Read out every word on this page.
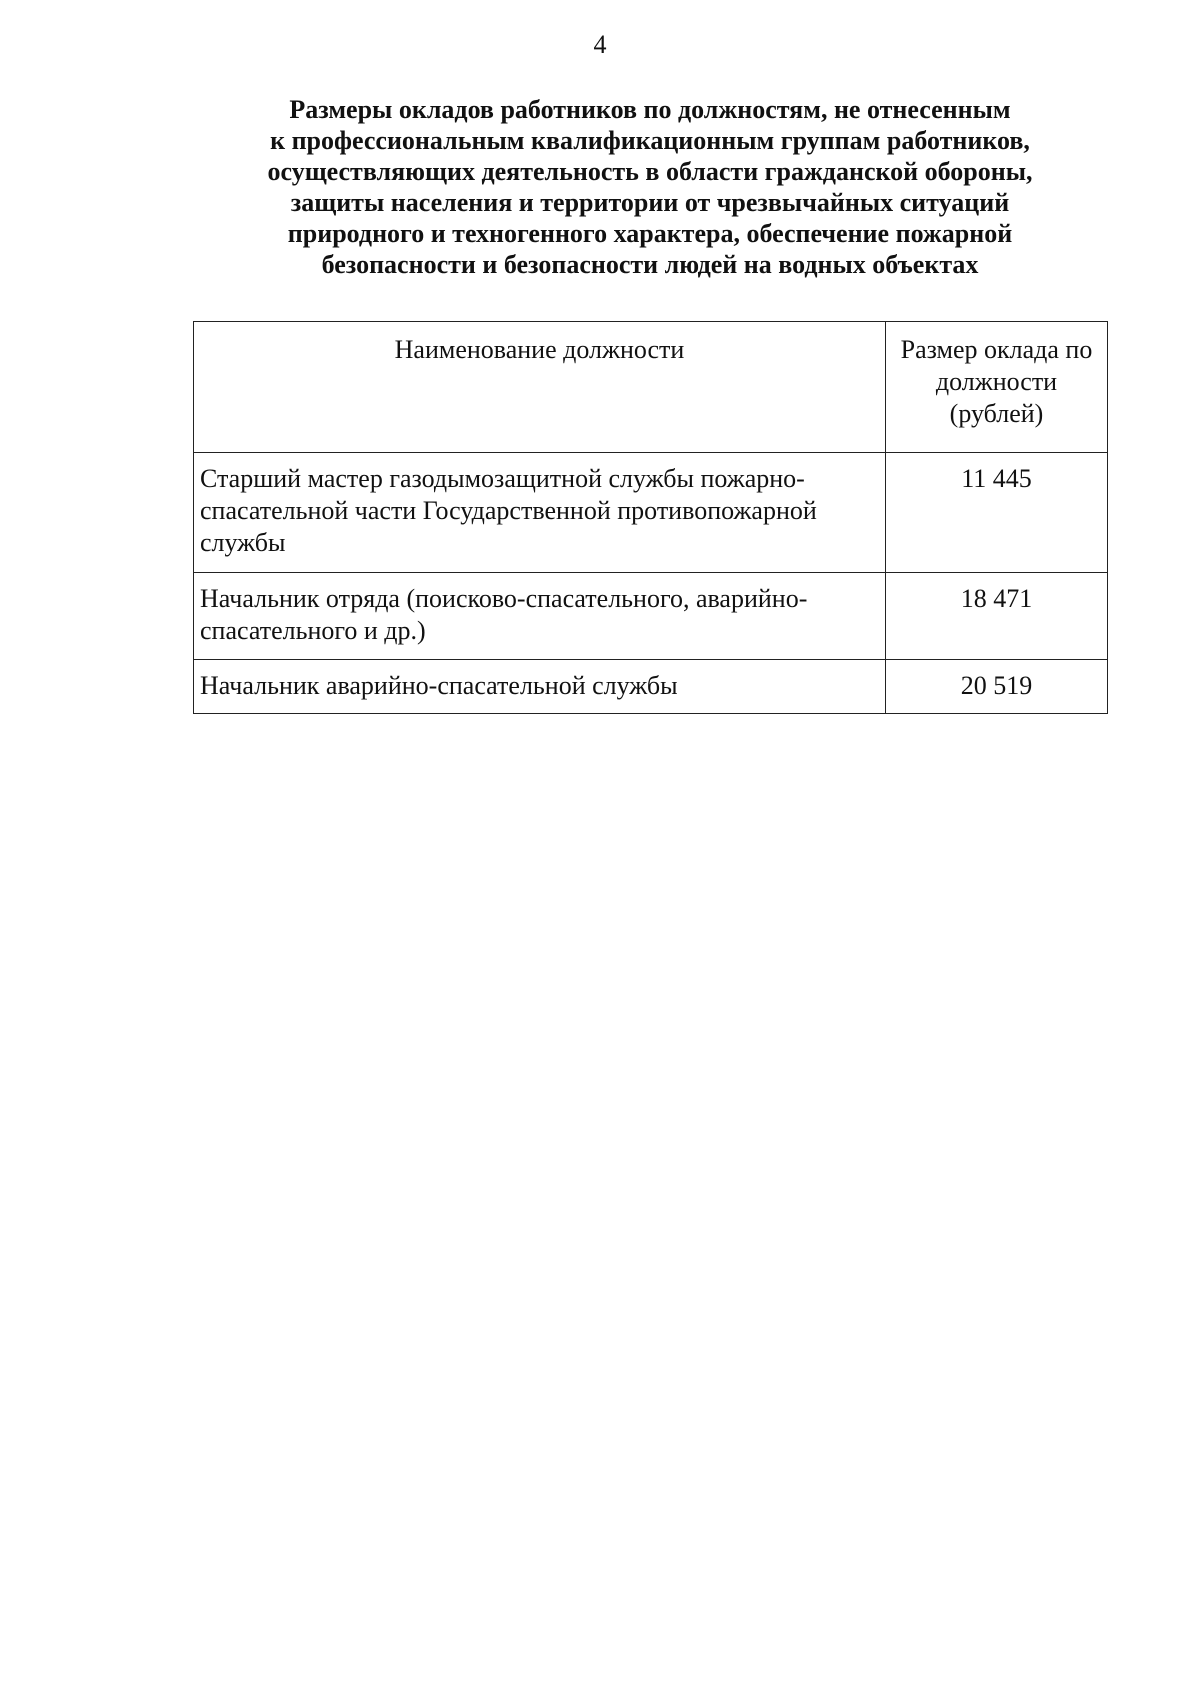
4
Размеры окладов работников по должностям, не отнесенным
к профессиональным квалификационным группам работников,
осуществляющих деятельность в области гражданской обороны,
защиты населения и территории от чрезвычайных ситуаций
природного и техногенного характера, обеспечение пожарной
безопасности и безопасности людей на водных объектах
Наименование должности	Размер оклада по должности (рублей)
Старший мастер газодымозащитной службы пожарно-спасательной части Государственной противопожарной службы	11 445
Начальник отряда (поисково-спасательного, аварийно-спасательного и др.)	18 471
Начальник аварийно-спасательной службы	20 519
